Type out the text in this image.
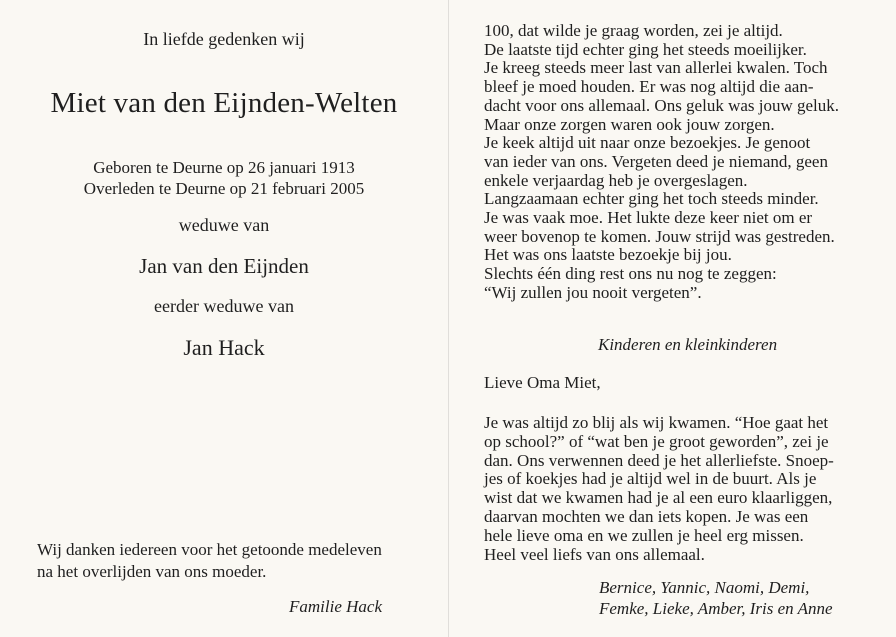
In liefde gedenken wij
Miet van den Eijnden-Welten
Geboren te Deurne op 26 januari 1913
Overleden te Deurne op 21 februari 2005
weduwe van
Jan van den Eijnden
eerder weduwe van
Jan Hack
Wij danken iedereen voor het getoonde medeleven
na het overlijden van ons moeder.
Familie Hack
100, dat wilde je graag worden, zei je altijd.
De laatste tijd echter ging het steeds moeilijker.
Je kreeg steeds meer last van allerlei kwalen. Toch
bleef je moed houden. Er was nog altijd die aan-
dacht voor ons allemaal. Ons geluk was jouw geluk.
Maar onze zorgen waren ook jouw zorgen.
Je keek altijd uit naar onze bezoekjes. Je genoot
van ieder van ons. Vergeten deed je niemand, geen
enkele verjaardag heb je overgeslagen.
Langzaamaan echter ging het toch steeds minder.
Je was vaak moe. Het lukte deze keer niet om er
weer bovenop te komen. Jouw strijd was gestreden.
Het was ons laatste bezoekje bij jou.
Slechts één ding rest ons nu nog te zeggen:
“Wij zullen jou nooit vergeten”.
Kinderen en kleinkinderen
Lieve Oma Miet,
Je was altijd zo blij als wij kwamen. “Hoe gaat het
op school?” of “wat ben je groot geworden”, zei je
dan. Ons verwennen deed je het allerliefste. Snoep-
jes of koekjes had je altijd wel in de buurt. Als je
wist dat we kwamen had je al een euro klaarliggen,
daarvan mochten we dan iets kopen. Je was een
hele lieve oma en we zullen je heel erg missen.
Heel veel liefs van ons allemaal.
Bernice, Yannic, Naomi, Demi,
Femke, Lieke, Amber, Iris en Anne
